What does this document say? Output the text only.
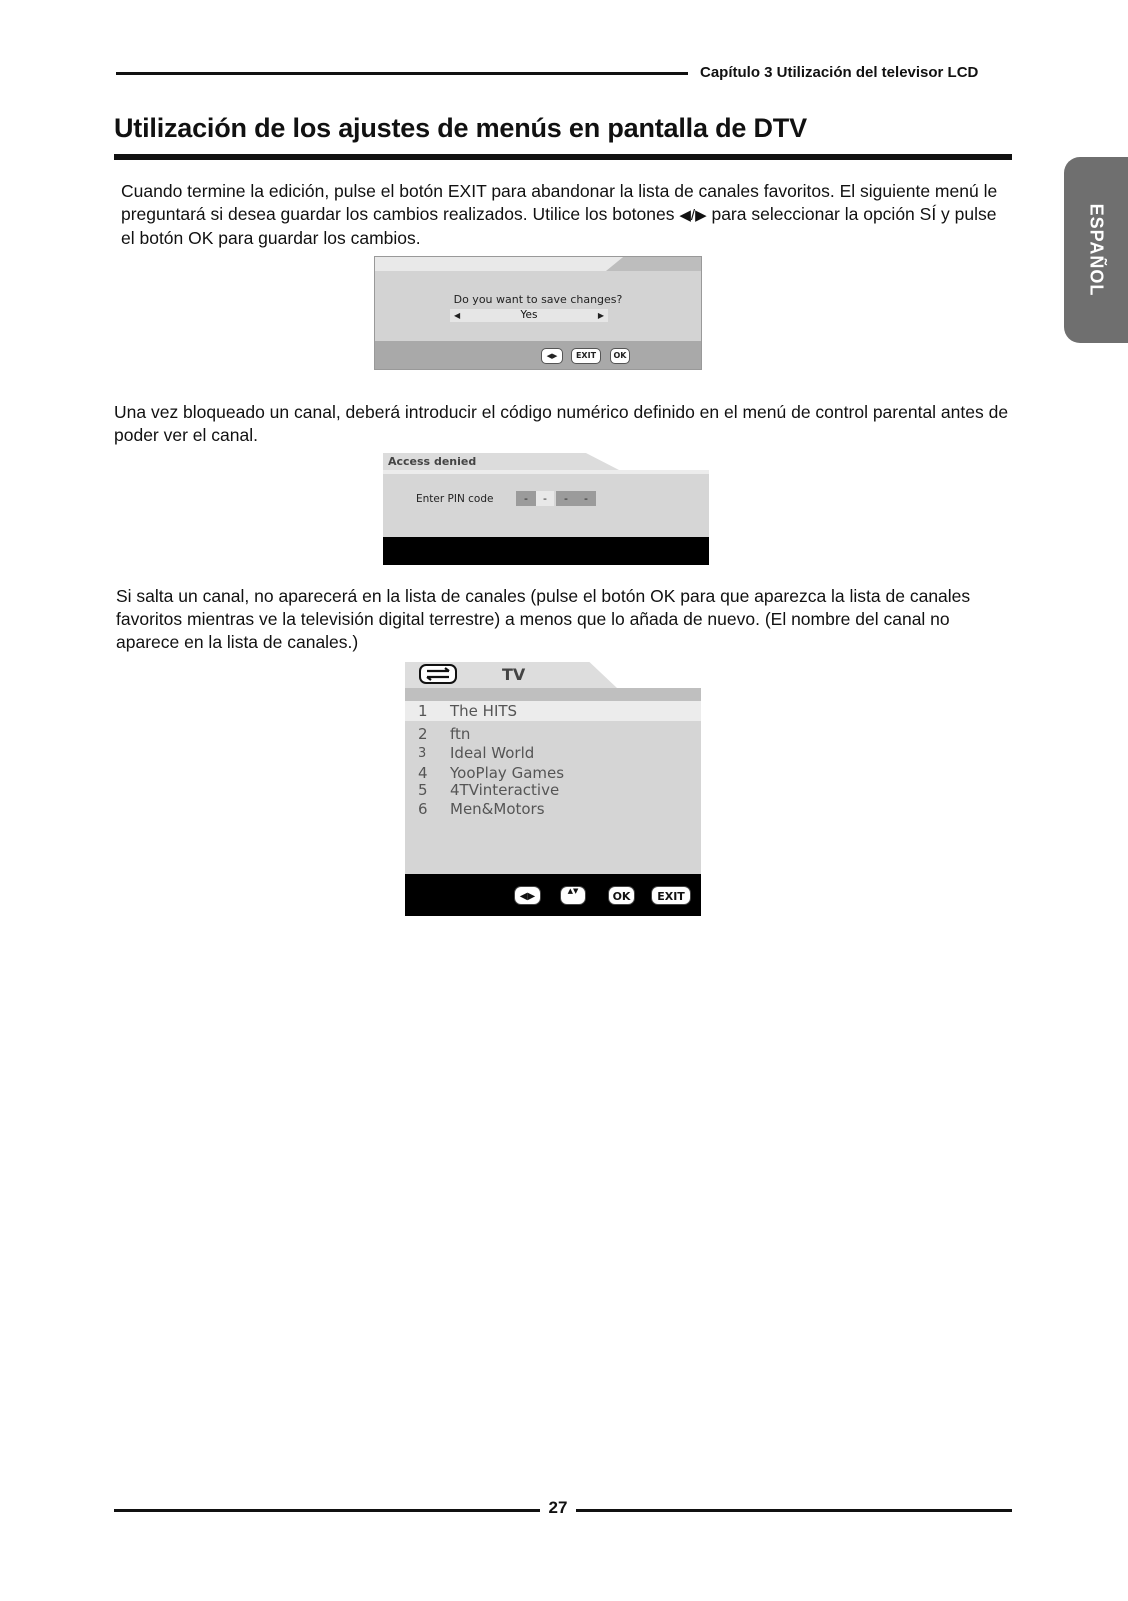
Capítulo 3 Utilización del televisor LCD
Utilización de los ajustes de menús en pantalla de DTV
ESPAÑOL

Cuando termine la edición, pulse el botón EXIT para abandonar la lista de canales favoritos. El siguiente menú le preguntará si desea guardar los cambios realizados. Utilice los botones ◀/▶ para seleccionar la opción SÍ y pulse el botón OK para guardar los cambios.

Do you want to save changes?
◀	Yes	▶
◀▶	EXIT	OK

Una vez bloqueado un canal, deberá introducir el código numérico definido en el menú de control parental antes de poder ver el canal.

Access denied
Enter PIN code	-	-	-	-

Si salta un canal, no aparecerá en la lista de canales (pulse el botón OK para que aparezca la lista de canales favoritos mientras ve la televisión digital terrestre) a menos que lo añada de nuevo. (El nombre del canal no aparece en la lista de canales.)

TV
1 The HITS
2 ftn
3 Ideal World
4 YooPlay Games
5 4TVinteractive
6 Men&Motors
◀▶	▲▼	OK	EXIT
27
